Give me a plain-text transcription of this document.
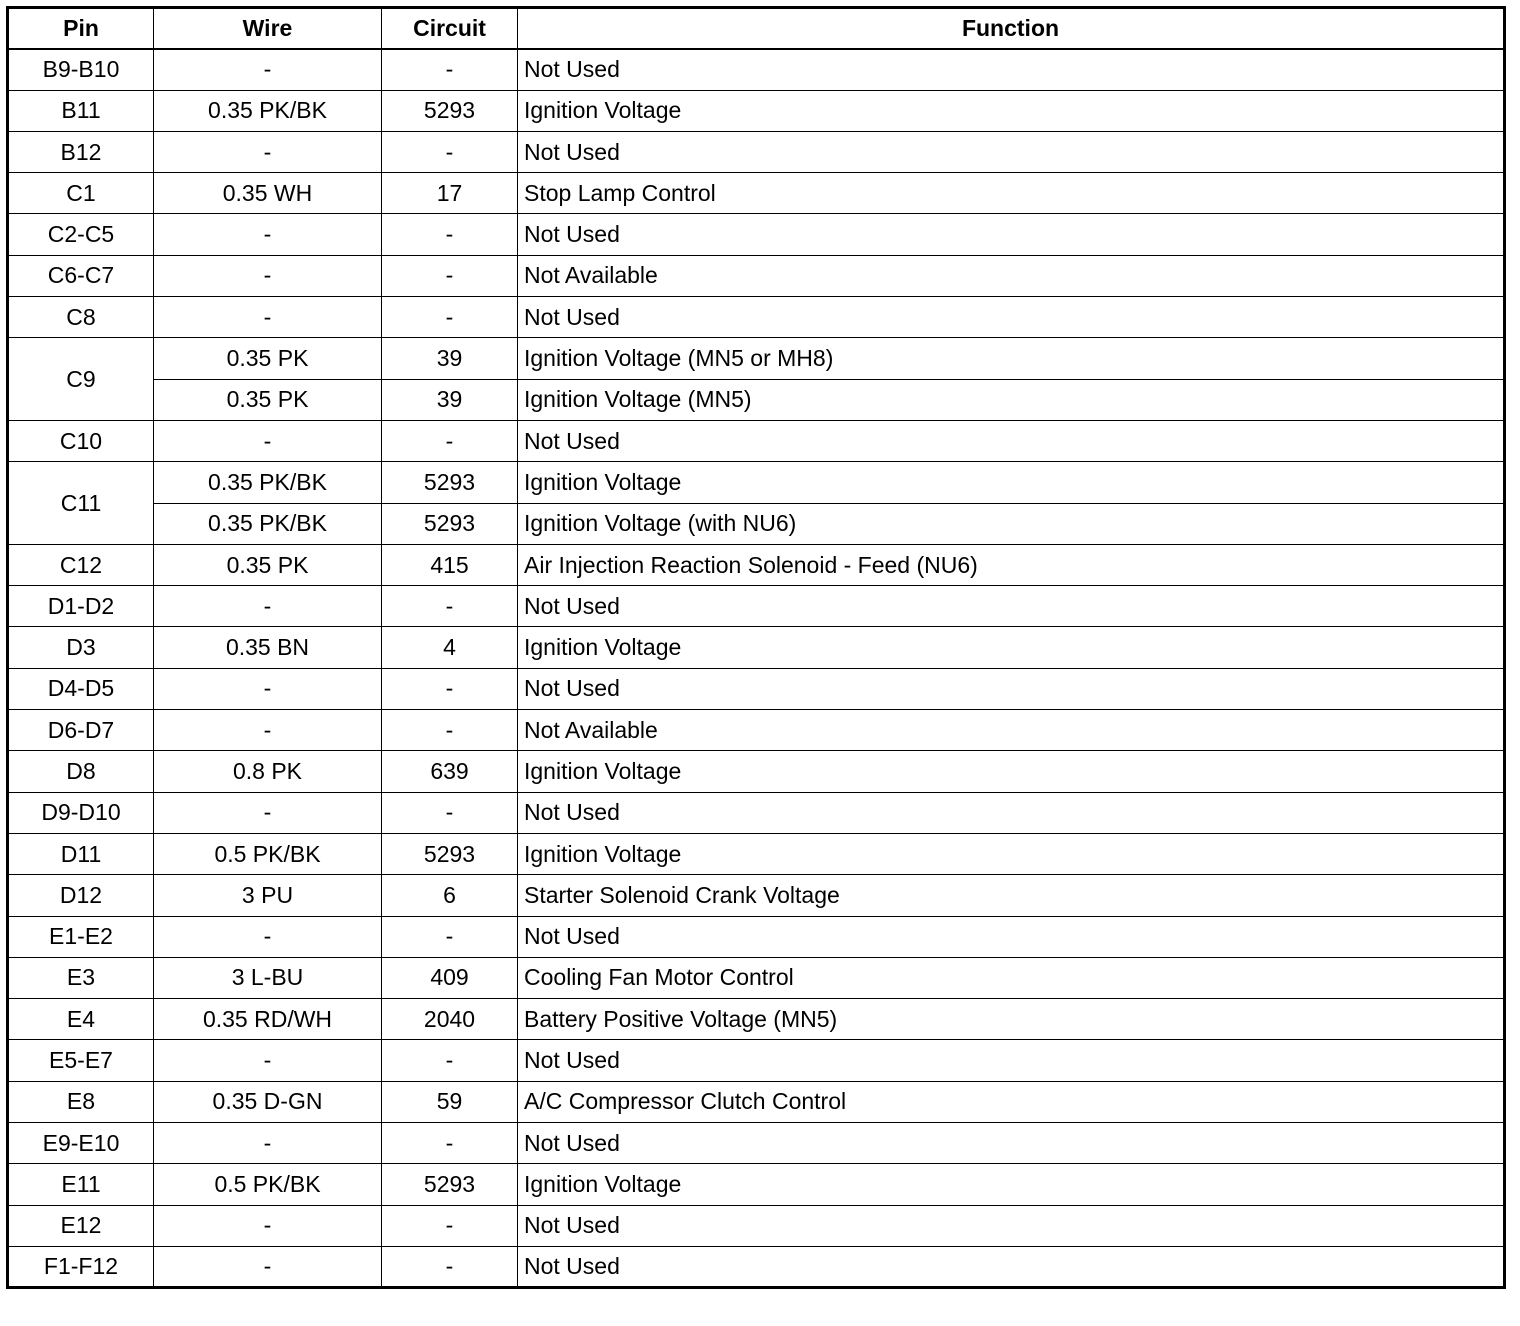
Pin	Wire	Circuit	Function
B9-B10	-	-	Not Used
B11	0.35 PK/BK	5293	Ignition Voltage
B12	-	-	Not Used
C1	0.35 WH	17	Stop Lamp Control
C2-C5	-	-	Not Used
C6-C7	-	-	Not Available
C8	-	-	Not Used
C9	0.35 PK	39	Ignition Voltage (MN5 or MH8)
	0.35 PK	39	Ignition Voltage (MN5)
C10	-	-	Not Used
C11	0.35 PK/BK	5293	Ignition Voltage
	0.35 PK/BK	5293	Ignition Voltage (with NU6)
C12	0.35 PK	415	Air Injection Reaction Solenoid - Feed (NU6)
D1-D2	-	-	Not Used
D3	0.35 BN	4	Ignition Voltage
D4-D5	-	-	Not Used
D6-D7	-	-	Not Available
D8	0.8 PK	639	Ignition Voltage
D9-D10	-	-	Not Used
D11	0.5 PK/BK	5293	Ignition Voltage
D12	3 PU	6	Starter Solenoid Crank Voltage
E1-E2	-	-	Not Used
E3	3 L-BU	409	Cooling Fan Motor Control
E4	0.35 RD/WH	2040	Battery Positive Voltage (MN5)
E5-E7	-	-	Not Used
E8	0.35 D-GN	59	A/C Compressor Clutch Control
E9-E10	-	-	Not Used
E11	0.5 PK/BK	5293	Ignition Voltage
E12	-	-	Not Used
F1-F12	-	-	Not Used
